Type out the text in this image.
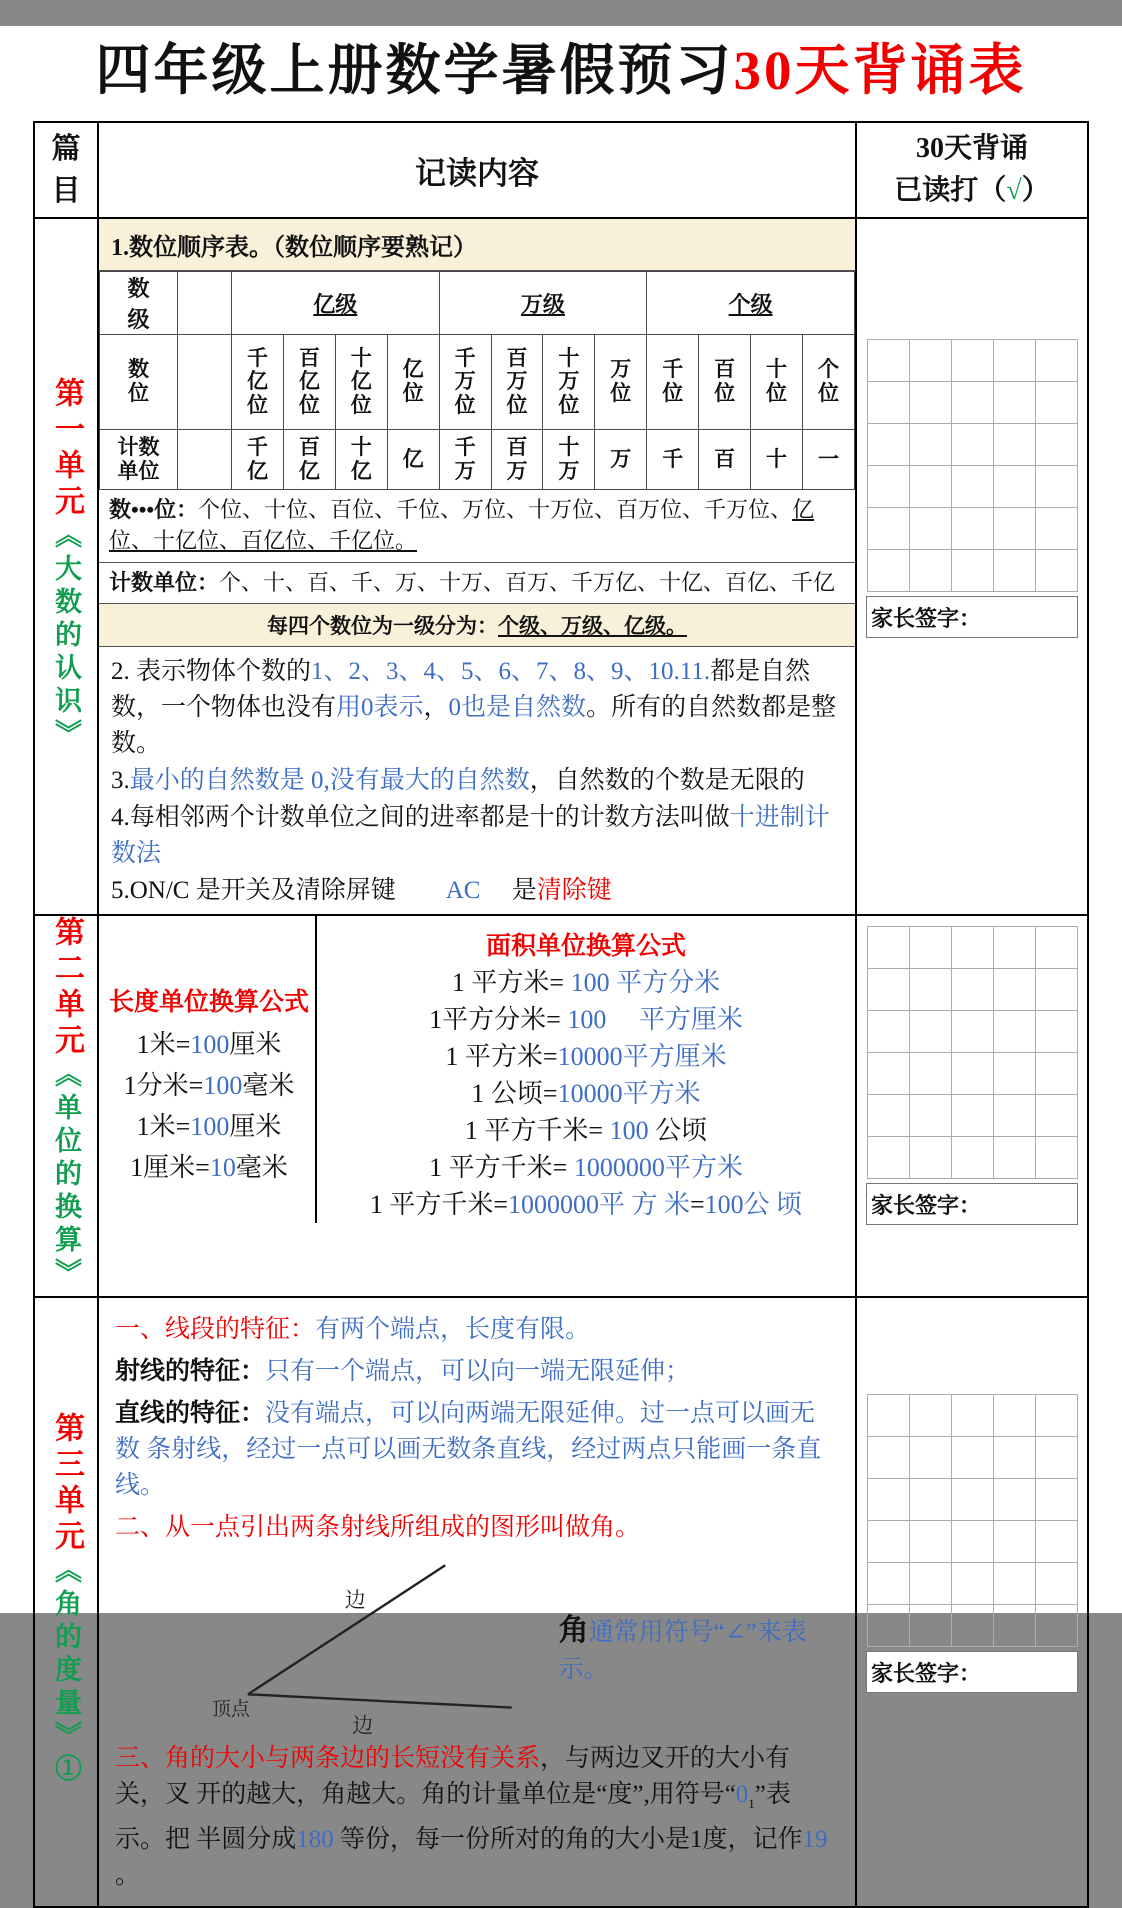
四年级上册数学暑假预习30天背诵表
篇
目	记读内容	
30天背诵
已读打（√）

第一单元《大数的认识》	
1.数位顺序表。（数位顺序要熟记）
数
级		亿级	万级	个级
数
位		千
亿
位	百
亿
位	十
亿
位	亿
位	千
万
位	百
万
位	十
万
位	万
位	千
位	百
位	十
位	个
位
计数
单位		千
亿	百
亿	十
亿	亿	千
万	百
万	十
万	万	千	百	十	一
数•••位：个位、十位、百位、千位、万位、十万位、百万位、千万位、亿位、十亿位、百亿位、千亿位。
计数单位：个、十、百、千、万、十万、百万、千万亿、十亿、百亿、千亿
每四个数位为一级分为：个级、万级、亿级。

2. 表示物体个数的1、2、3、4、5、6、7、8、9、10.11.都是自然数，一个物体也没有用0表示，0也是自然数。所有的自然数都是整数。

3.最小的自然数是 0,没有最大的自然数，自然数的个数是无限的

4.每相邻两个计数单位之间的进率都是十的计数方法叫做十进制计数法

5.ON/C 是开关及清除屏键　　AC　 是清除键

家长签字：

第二单元《单位的换算》	
长度单位换算公式

1米=100厘米

1分米=100毫米

1米=100厘米

1厘米=10毫米

面积单位换算公式

1 平方米= 100 平方分米

1平方分米= 100　 平方厘米

1 平方米=10000平方厘米

1 公顷=10000平方米

1 平方千米= 100 公顷

1 平方千米= 1000000平方米

1 平方千米=1000000平 方 米=100公 顷	家长签字：

第三单元《角的度量》①	

一、线段的特征：有两个端点，长度有限。

射线的特征：只有一个端点，可以向一端无限延伸；

直线的特征：没有端点，可以向两端无限延伸。过一点可以画无数 条射线，经过一点可以画无数条直线，经过两点只能画一条直线。

二、从一点引出两条射线所组成的图形叫做角。

边
顶点
边
角通常用符号“∠”来表示。

三、角的大小与两条边的长短没有关系，与两边叉开的大小有关，叉 开的越大，角越大。角的计量单位是“度”,用符号“$0_1$”表示。把 半圆分成180 等份，每一份所对的角的大小是1度，记作19 。

家长签字：
